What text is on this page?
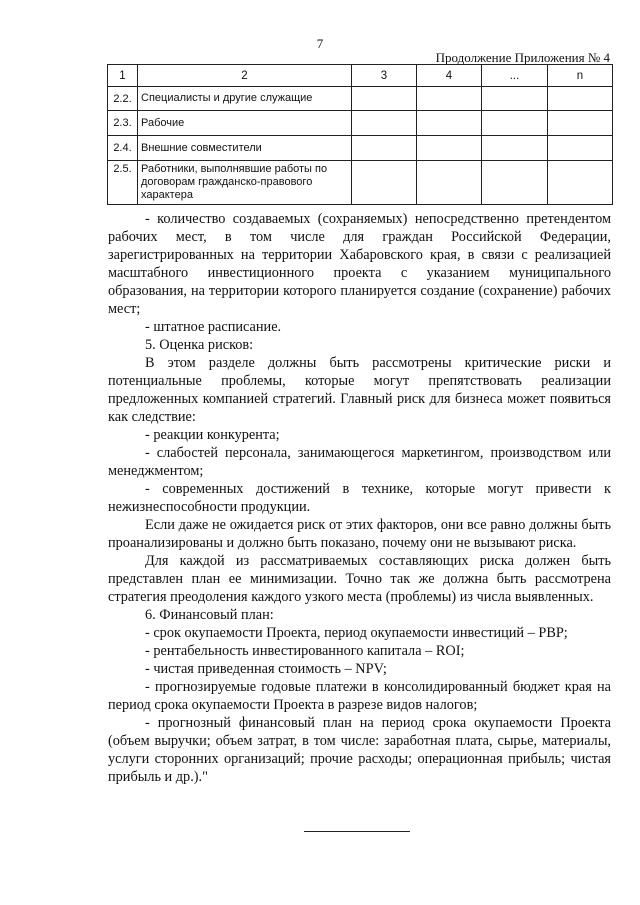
7
Продолжение Приложения № 4
1	2	3	4	...	n
2.2.	Специалисты и другие служащие				
2.3.	Рабочие				
2.4.	Внешние совместители				
2.5.	Работники, выполнявшие работы по договорам гражданско-правового характера				

- количество создаваемых (сохраняемых) непосредственно претендентом рабочих мест, в том числе для граждан Российской Федерации, зарегистрированных на территории Хабаровского края, в связи с реализацией масштабного инвестиционного проекта с указанием муниципального образования, на территории которого планируется создание (сохранение) рабочих мест;

- штатное расписание.

5. Оценка рисков:

В этом разделе должны быть рассмотрены критические риски и потенциальные проблемы, которые могут препятствовать реализации предложенных компанией стратегий. Главный риск для бизнеса может появиться как следствие:

- реакции конкурента;

- слабостей персонала, занимающегося маркетингом, производством или менеджментом;

- современных достижений в технике, которые могут привести к нежизнеспособности продукции.

Если даже не ожидается риск от этих факторов, они все равно должны быть проанализированы и должно быть показано, почему они не вызывают риска.

Для каждой из рассматриваемых составляющих риска должен быть представлен план ее минимизации. Точно так же должна быть рассмотрена стратегия преодоления каждого узкого места (проблемы) из числа выявленных.

6. Финансовый план:

- срок окупаемости Проекта, период окупаемости инвестиций – PBP;

- рентабельность инвестированного капитала – ROI;

- чистая приведенная стоимость – NPV;

- прогнозируемые годовые платежи в консолидированный бюджет края на период срока окупаемости Проекта в разрезе видов налогов;

- прогнозный финансовый план на период срока окупаемости Проекта (объем выручки; объем затрат, в том числе: заработная плата, сырье, материалы, услуги сторонних организаций; прочие расходы; операционная прибыль; чистая прибыль и др.)."
